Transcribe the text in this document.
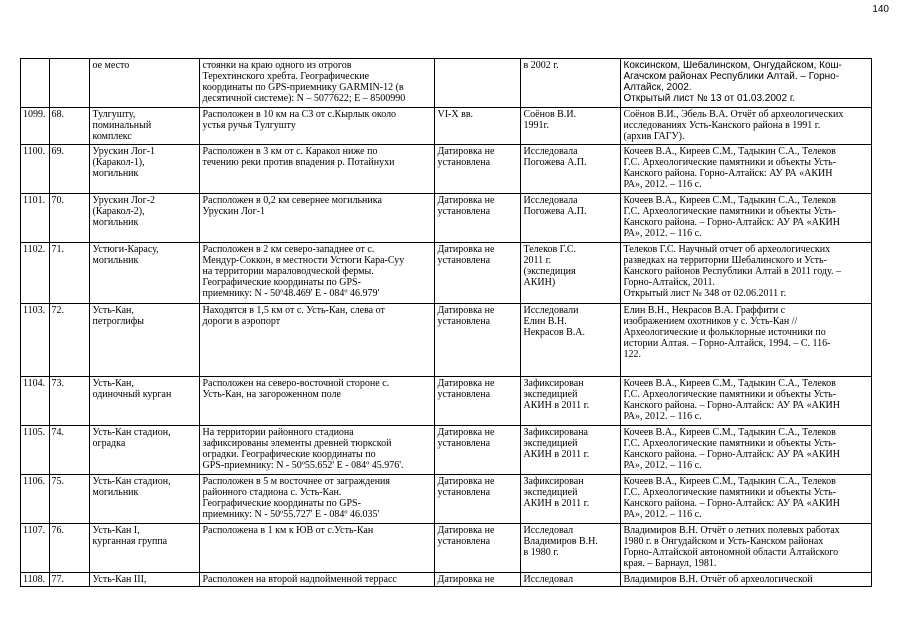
140
		ое место	стоянки на краю одного из отрогов
Терехтинского хребта. Географические
координаты по GPS-приемнику GARMIN-12 (в
десятичной системе): N – 5077622; E – 8500990		в 2002 г.	Коксинском, Шебалинском, Онгудайском, Кош-
Агачском районах Республики Алтай. – Горно-
Алтайск, 2002.
Открытый лист № 13 от 01.03.2002 г.
1099.	68.	Тулгушту,
поминальный
комплекс	Расположен в 10 км на СЗ от с.Кырлык около
устья ручья Тулгушту	VI-X вв.	Соёнов В.И.
1991г.	Соёнов В.И., Эбель В.А. Отчёт об археологических
исследованиях Усть-Канского района в 1991 г.
(архив ГАГУ).
1100.	69.	Урускин Лог-1
(Каракол-1),
могильник	Расположен в 3 км от с. Каракол ниже по
течению реки против впадения р. Потайнухи	Датировка не
установлена	Исследовала
Погожева А.П.	Кочеев В.А., Киреев С.М., Тадыкин С.А., Телеков
Г.С. Археологические памятники и объекты Усть-
Канского района. Горно-Алтайск: АУ РА «АКИН
РА», 2012. – 116 с.
1101.	70.	Урускин Лог-2
(Каракол-2),
могильник	Расположен в 0,2 км севернее могильника
Урускин Лог-1	Датировка не
установлена	Исследовала
Погожева А.П.	Кочеев В.А., Киреев С.М., Тадыкин С.А., Телеков
Г.С. Археологические памятники и объекты Усть-
Канского района. – Горно-Алтайск: АУ РА «АКИН
РА», 2012. – 116 с.
1102.	71.	Устюги-Карасу,
могильник	Расположен в 2 км северо-западнее от с.
Мендур-Соккон, в местности Устюги Кара-Суу
на территории мараловодческой фермы.
Географические координаты по GPS-
приемнику: N - 50º48.469' E - 084º 46.979'	Датировка не
установлена	Телеков Г.С.
2011 г.
(экспедиция
АКИН)	Телеков Г.С. Научный отчет об археологических
разведках на территории Шебалинского и Усть-
Канского районов Республики Алтай в 2011 году. –
Горно-Алтайск, 2011.
Открытый лист № 348 от 02.06.2011 г.
1103.	72.	Усть-Кан,
петроглифы	Находятся в 1,5 км от с. Усть-Кан, слева от
дороги в аэропорт	Датировка не
установлена	Исследовали
Елин В.Н.
Некрасов В.А.	Елин В.Н., Некрасов В.А. Граффити с
изображением охотников у с. Усть-Кан //
Археологические и фольклорные источники по
истории Алтая. – Горно-Алтайск, 1994. – С. 116-
122.
1104.	73.	Усть-Кан,
одиночный курган	Расположен на северо-восточной стороне с.
Усть-Кан, на загороженном поле	Датировка не
установлена	Зафиксирован
экспедицией
АКИН в 2011 г.	Кочеев В.А., Киреев С.М., Тадыкин С.А., Телеков
Г.С. Археологические памятники и объекты Усть-
Канского района. – Горно-Алтайск: АУ РА «АКИН
РА», 2012. – 116 с.
1105.	74.	Усть-Кан стадион,
оградка	На территории районного стадиона
зафиксированы элементы древней тюркской
оградки. Географические координаты по
GPS-приемнику: N - 50º55.652' E - 084º 45.976'.	Датировка не
установлена	Зафиксирована
экспедицией
АКИН в 2011 г.	Кочеев В.А., Киреев С.М., Тадыкин С.А., Телеков
Г.С. Археологические памятники и объекты Усть-
Канского района. – Горно-Алтайск: АУ РА «АКИН
РА», 2012. – 116 с.
1106.	75.	Усть-Кан стадион,
могильник	Расположен в 5 м восточнее от заграждения
районного стадиона с. Усть-Кан.
Географические координаты по GPS-
приемнику: N - 50º55.727' E - 084º 46.035'	Датировка не
установлена	Зафиксирован
экспедицией
АКИН в 2011 г.	Кочеев В.А., Киреев С.М., Тадыкин С.А., Телеков
Г.С. Археологические памятники и объекты Усть-
Канского района. – Горно-Алтайск: АУ РА «АКИН
РА», 2012. – 116 с.
1107.	76.	Усть-Кан I,
курганная группа	Расположена в 1 км к ЮВ от с.Усть-Кан	Датировка не
установлена	Исследовал
Владимиров В.Н.
в 1980 г.	Владимиров В.Н. Отчёт о летних полевых работах
1980 г. в Онгудайском и Усть-Канском районах
Горно-Алтайской автономной области Алтайского
края. – Барнаул, 1981.
1108.	77.	Усть-Кан III,	Расположен на второй надпойменной террасс	Датировка не	Исследовал	Владимиров В.Н. Отчёт об археологической
